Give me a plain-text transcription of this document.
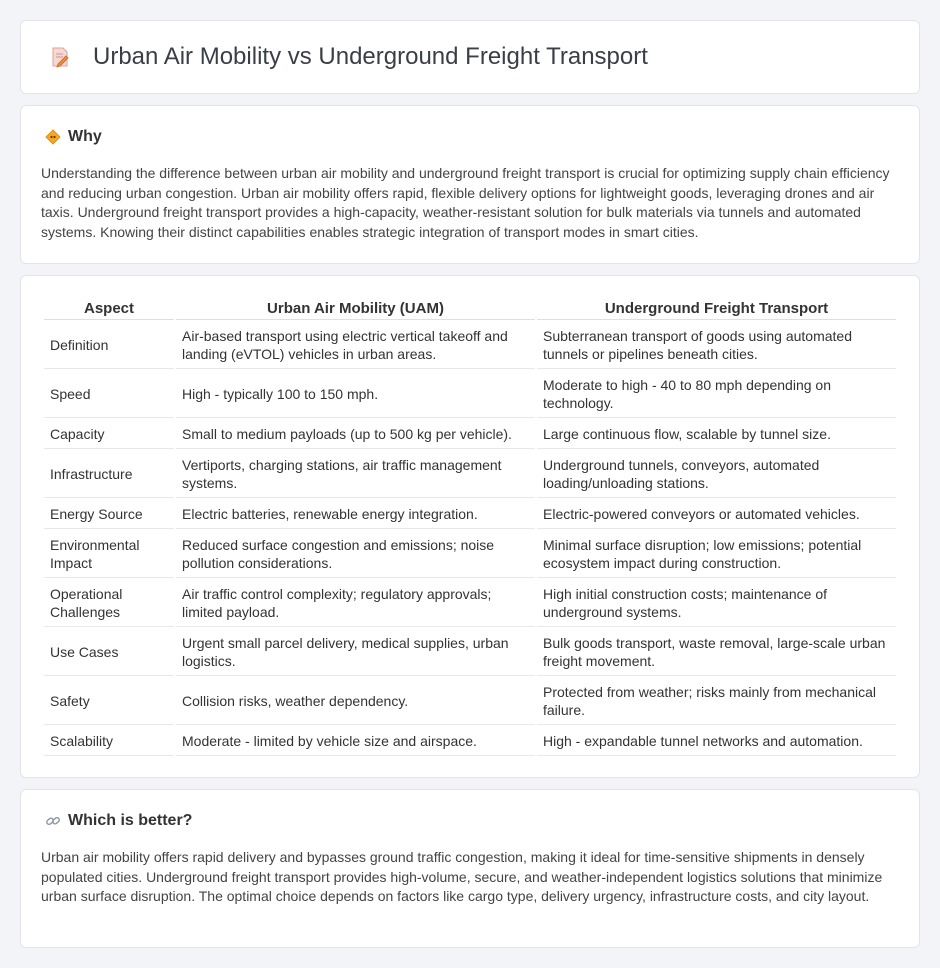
Urban Air Mobility vs Underground Freight Transport
Why

Understanding the difference between urban air mobility and underground freight transport is crucial for optimizing supply chain efficiency and reducing urban congestion. Urban air mobility offers rapid, flexible delivery options for lightweight goods, leveraging drones and air taxis. Underground freight transport provides a high-capacity, weather-resistant solution for bulk materials via tunnels and automated systems. Knowing their distinct capabilities enables strategic integration of transport modes in smart cities.

Aspect	Urban Air Mobility (UAM)	Underground Freight Transport
Definition	Air-based transport using electric vertical takeoff and landing (eVTOL) vehicles in urban areas.	Subterranean transport of goods using automated tunnels or pipelines beneath cities.
Speed	High - typically 100 to 150 mph.	Moderate to high - 40 to 80 mph depending on technology.
Capacity	Small to medium payloads (up to 500 kg per vehicle).	Large continuous flow, scalable by tunnel size.
Infrastructure	Vertiports, charging stations, air traffic management systems.	Underground tunnels, conveyors, automated loading/unloading stations.
Energy Source	Electric batteries, renewable energy integration.	Electric-powered conveyors or automated vehicles.
Environmental Impact	Reduced surface congestion and emissions; noise pollution considerations.	Minimal surface disruption; low emissions; potential ecosystem impact during construction.
Operational Challenges	Air traffic control complexity; regulatory approvals; limited payload.	High initial construction costs; maintenance of underground systems.
Use Cases	Urgent small parcel delivery, medical supplies, urban logistics.	Bulk goods transport, waste removal, large-scale urban freight movement.
Safety	Collision risks, weather dependency.	Protected from weather; risks mainly from mechanical failure.
Scalability	Moderate - limited by vehicle size and airspace.	High - expandable tunnel networks and automation.
Which is better?

Urban air mobility offers rapid delivery and bypasses ground traffic congestion, making it ideal for time-sensitive shipments in densely populated cities. Underground freight transport provides high-volume, secure, and weather-independent logistics solutions that minimize urban surface disruption. The optimal choice depends on factors like cargo type, delivery urgency, infrastructure costs, and city layout.
